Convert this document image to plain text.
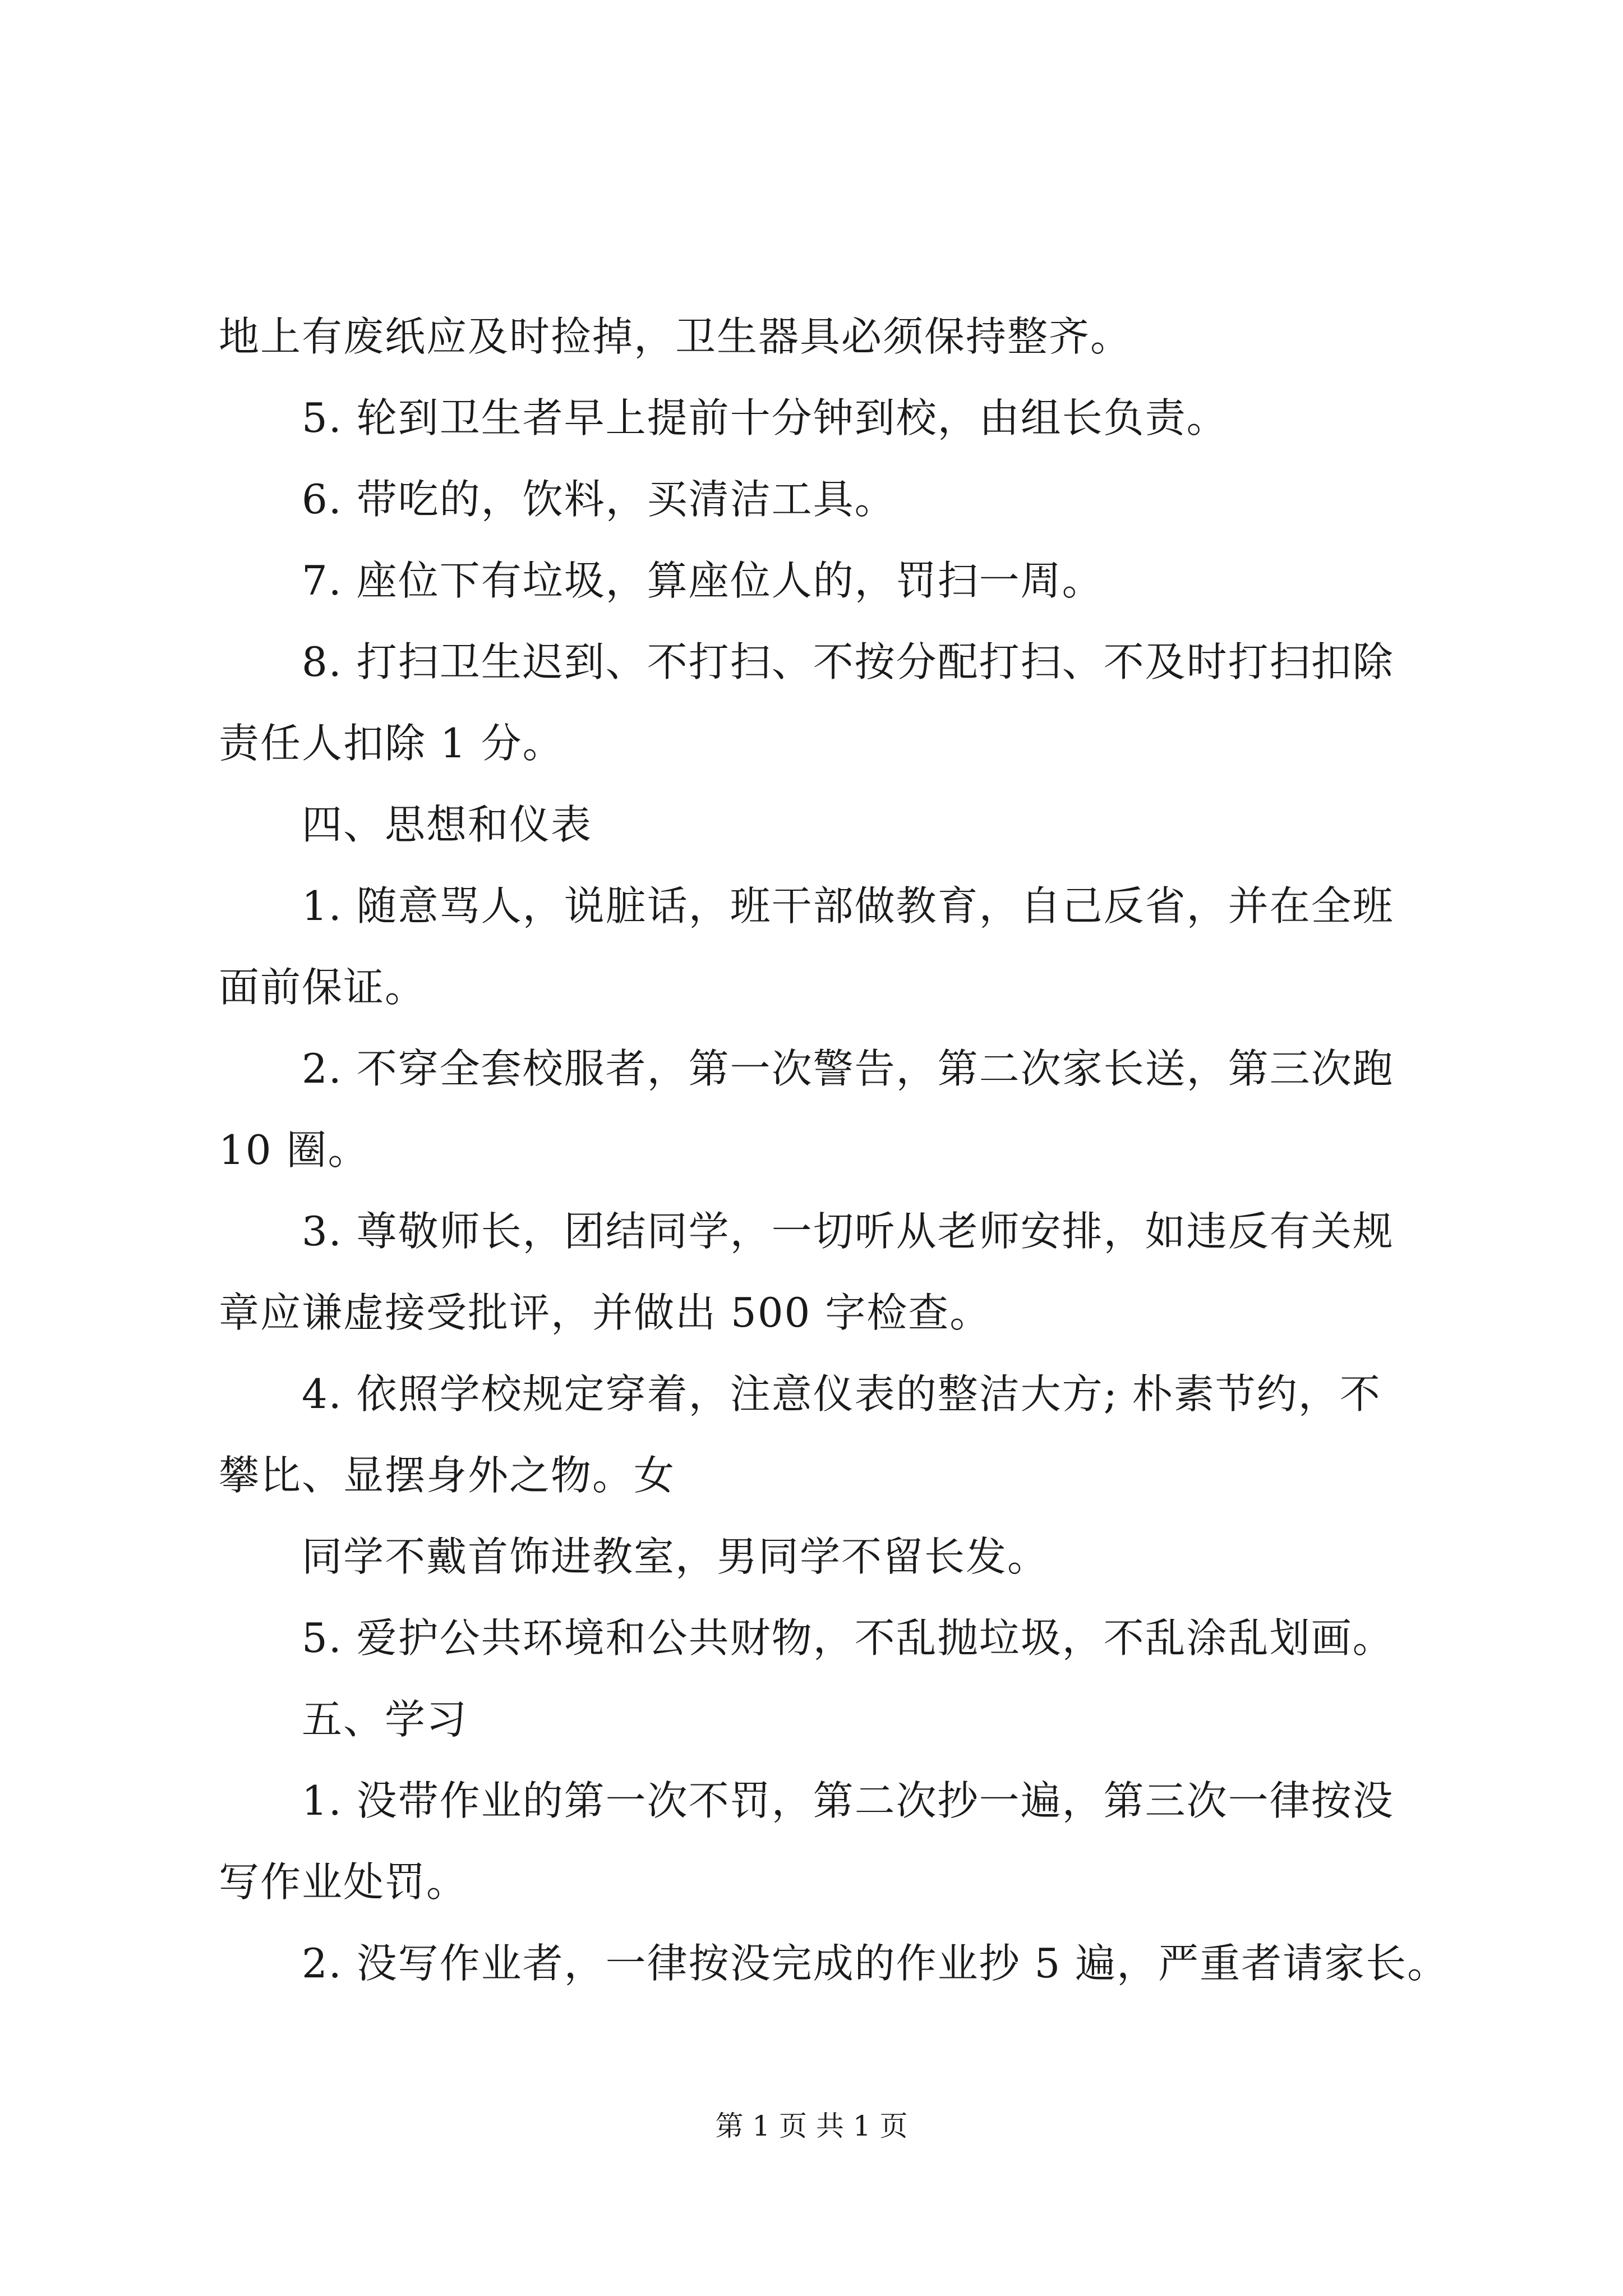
地上有废纸应及时捡掉，卫生器具必须保持整齐。
5. 轮到卫生者早上提前十分钟到校，由组长负责。
6. 带吃的，饮料，买清洁工具。
7. 座位下有垃圾，算座位人的，罚扫一周。
8. 打扫卫生迟到、不打扫、不按分配打扫、不及时打扫扣除
责任人扣除 1 分。
四、思想和仪表
1. 随意骂人，说脏话，班干部做教育，自己反省，并在全班
面前保证。
2. 不穿全套校服者，第一次警告，第二次家长送，第三次跑
10 圈。
3. 尊敬师长，团结同学，一切听从老师安排，如违反有关规
章应谦虚接受批评，并做出 500 字检查。
4. 依照学校规定穿着，注意仪表的整洁大方; 朴素节约，不
攀比、显摆身外之物。女
同学不戴首饰进教室，男同学不留长发。
5. 爱护公共环境和公共财物，不乱抛垃圾，不乱涂乱划画。
五、学习
1. 没带作业的第一次不罚，第二次抄一遍，第三次一律按没
写作业处罚。
2. 没写作业者，一律按没完成的作业抄 5 遍，严重者请家长。
第 1 页 共 1 页
